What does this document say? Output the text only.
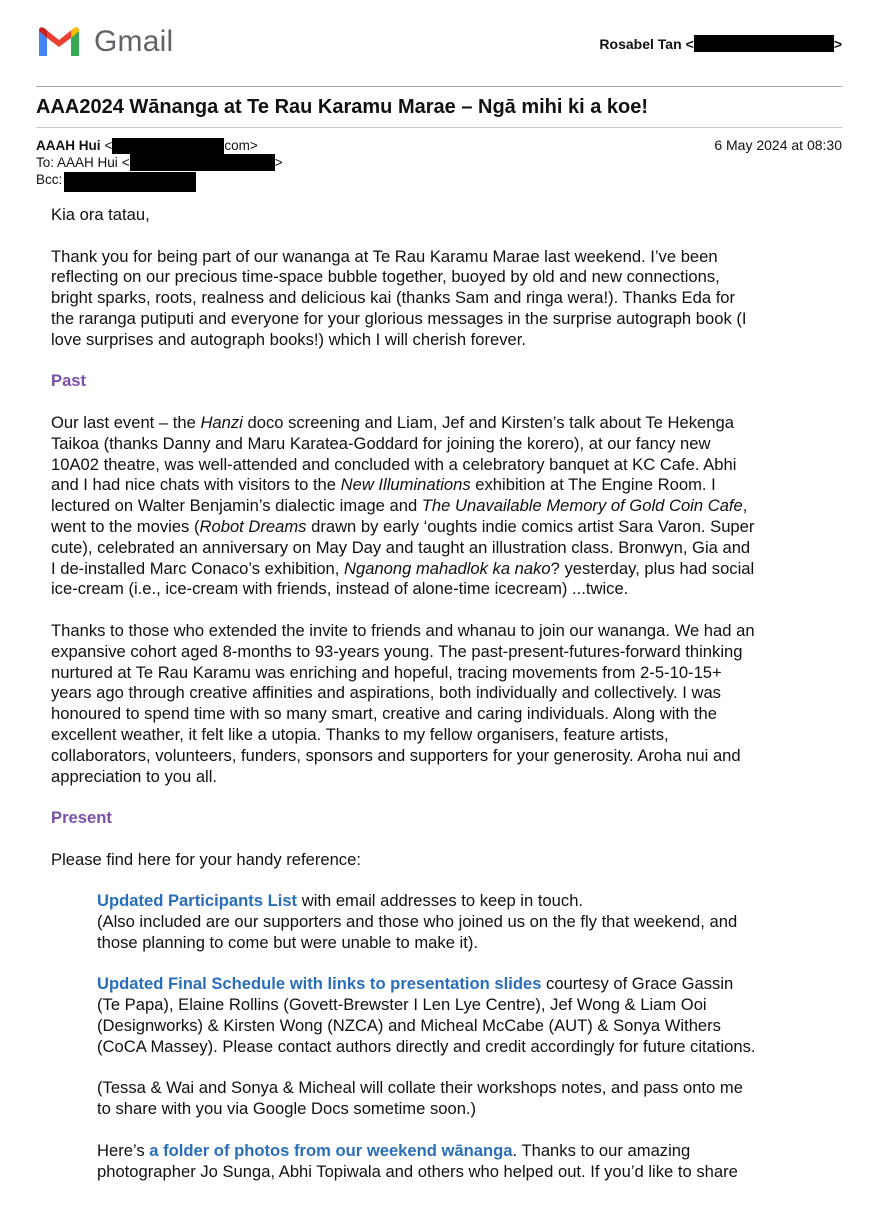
Gmail	Rosabel Tan <	>
AAA2024 Wānanga at Te Rau Karamu Marae – Ngā mihi ki a koe!
AAAH Hui <	com>
To: AAAH Hui <	>
Bcc:
6 May 2024 at 08:30

Kia ora tatau,

Thank you for being part of our wananga at Te Rau Karamu Marae last weekend. I’ve been

reflecting on our precious time-space bubble together, buoyed by old and new connections,

bright sparks, roots, realness and delicious kai (thanks Sam and ringa wera!). Thanks Eda for

the raranga putiputi and everyone for your glorious messages in the surprise autograph book (I

love surprises and autograph books!) which I will cherish forever.

Past

Our last event – the Hanzi doco screening and Liam, Jef and Kirsten’s talk about Te Hekenga

Taikoa (thanks Danny and Maru Karatea-Goddard for joining the korero), at our fancy new

10A02 theatre, was well-attended and concluded with a celebratory banquet at KC Cafe. Abhi

and I had nice chats with visitors to the New Illuminations exhibition at The Engine Room. I

lectured on Walter Benjamin’s dialectic image and The Unavailable Memory of Gold Coin Cafe,

went to the movies (Robot Dreams drawn by early ‘oughts indie comics artist Sara Varon. Super

cute), celebrated an anniversary on May Day and taught an illustration class. Bronwyn, Gia and

I de-installed Marc Conaco’s exhibition, Nganong mahadlok ka nako? yesterday, plus had social

ice-cream (i.e., ice-cream with friends, instead of alone-time icecream) ...twice.

Thanks to those who extended the invite to friends and whanau to join our wananga. We had an

expansive cohort aged 8-months to 93-years young. The past-present-futures-forward thinking

nurtured at Te Rau Karamu was enriching and hopeful, tracing movements from 2-5-10-15+

years ago through creative affinities and aspirations, both individually and collectively. I was

honoured to spend time with so many smart, creative and caring individuals. Along with the

excellent weather, it felt like a utopia. Thanks to my fellow organisers, feature artists,

collaborators, volunteers, funders, sponsors and supporters for your generosity. Aroha nui and

appreciation to you all.

Present

Please find here for your handy reference:

Updated Participants List with email addresses to keep in touch.

(Also included are our supporters and those who joined us on the fly that weekend, and

those planning to come but were unable to make it).

Updated Final Schedule with links to presentation slides courtesy of Grace Gassin

(Te Papa), Elaine Rollins (Govett-Brewster I Len Lye Centre), Jef Wong & Liam Ooi

(Designworks) & Kirsten Wong (NZCA) and Micheal McCabe (AUT) & Sonya Withers

(CoCA Massey). Please contact authors directly and credit accordingly for future citations.

(Tessa & Wai and Sonya & Micheal will collate their workshops notes, and pass onto me

to share with you via Google Docs sometime soon.)

Here’s a folder of photos from our weekend wānanga. Thanks to our amazing

photographer Jo Sunga, Abhi Topiwala and others who helped out. If you’d like to share
